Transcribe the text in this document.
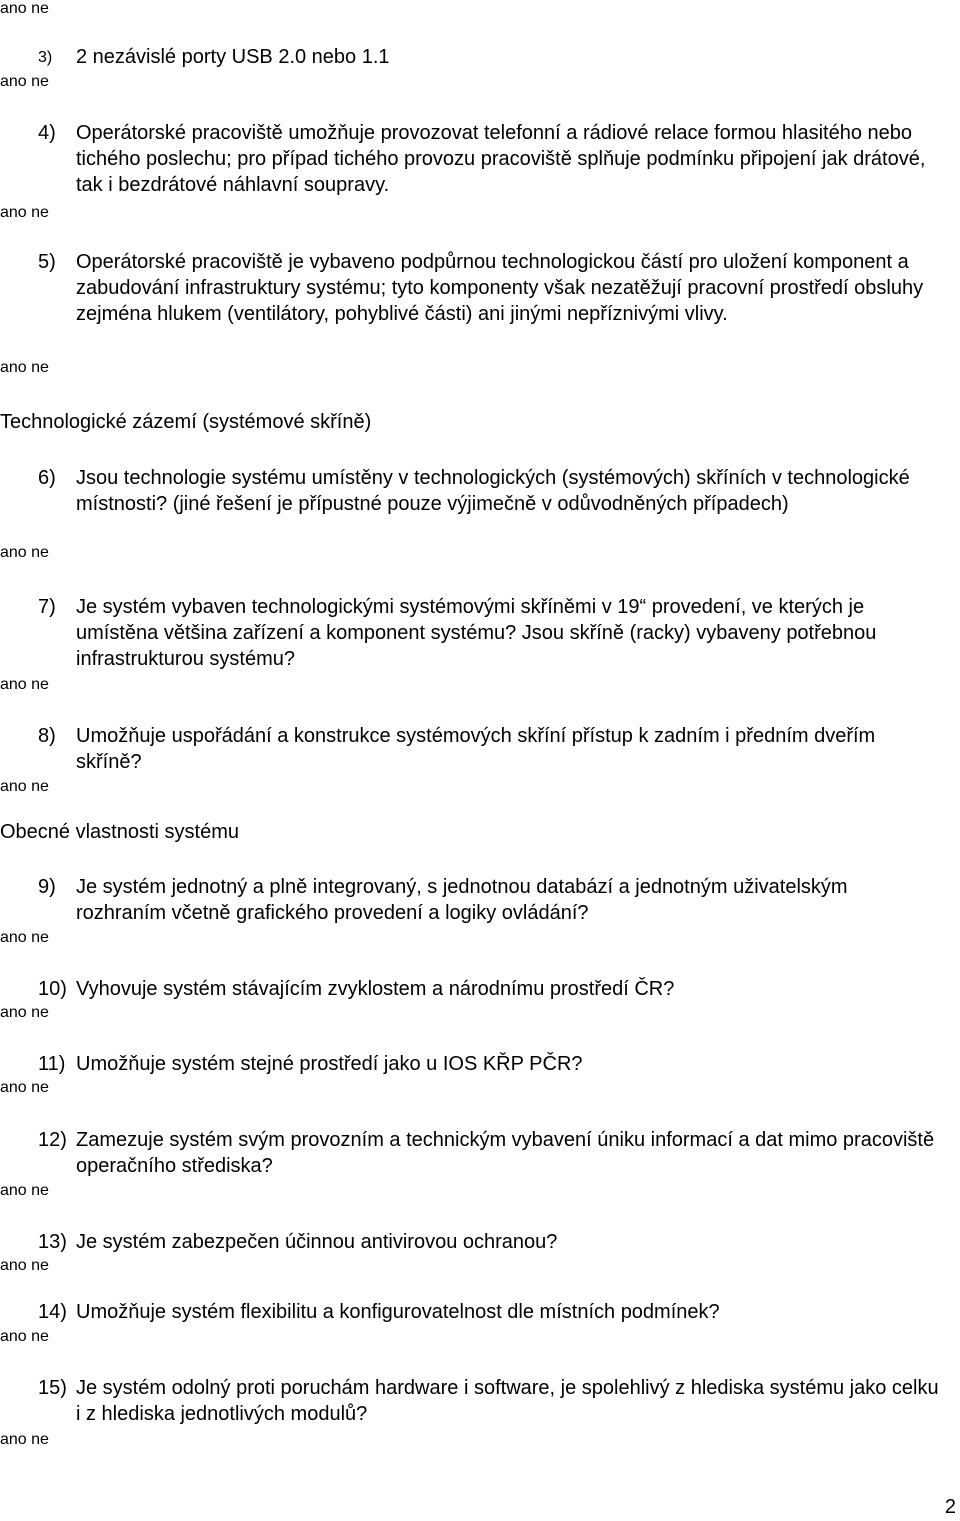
ano ne
ano ne
ano ne
ano ne
ano ne
ano ne
ano ne
ano ne
ano ne
ano ne
ano ne
ano ne
ano ne
ano ne
3) 2 nezávislé porty USB 2.0 nebo 1.1
4) Operátorské pracoviště umožňuje provozovat telefonní a rádiové relace formou hlasitého nebo tichého poslechu; pro případ tichého provozu pracoviště splňuje podmínku připojení jak drátové, tak i bezdrátové náhlavní soupravy.
5) Operátorské pracoviště je vybaveno podpůrnou technologickou částí pro uložení komponent a zabudování infrastruktury systému; tyto komponenty však nezatěžují pracovní prostředí obsluhy zejména hlukem (ventilátory, pohyblivé části) ani jinými nepříznivými vlivy.
Technologické zázemí (systémové skříně)
6) Jsou technologie systému umístěny v technologických (systémových) skříních v technologické místnosti? (jiné řešení je přípustné pouze výjimečně v odůvodněných případech)
7) Je systém vybaven technologickými systémovými skříněmi v 19“ provedení, ve kterých je umístěna většina zařízení a komponent systému? Jsou skříně (racky) vybaveny potřebnou infrastrukturou systému?
8) Umožňuje uspořádání a konstrukce systémových skříní přístup k zadním i předním dveřím skříně?
Obecné vlastnosti systému
9) Je systém jednotný a plně integrovaný, s jednotnou databází a jednotným uživatelským rozhraním včetně grafického provedení a logiky ovládání?
10) Vyhovuje systém stávajícím zvyklostem a národnímu prostředí ČR?
11) Umožňuje systém stejné prostředí jako u IOS KŘP PČR?
12) Zamezuje systém svým provozním a technickým vybavení úniku informací a dat mimo pracoviště operačního střediska?
13) Je systém zabezpečen účinnou antivirovou ochranou?
14) Umožňuje systém flexibilitu a konfigurovatelnost dle místních podmínek?
15) Je systém odolný proti poruchám hardware i software, je spolehlivý z hlediska systému jako celku i z hlediska jednotlivých modulů?
2
